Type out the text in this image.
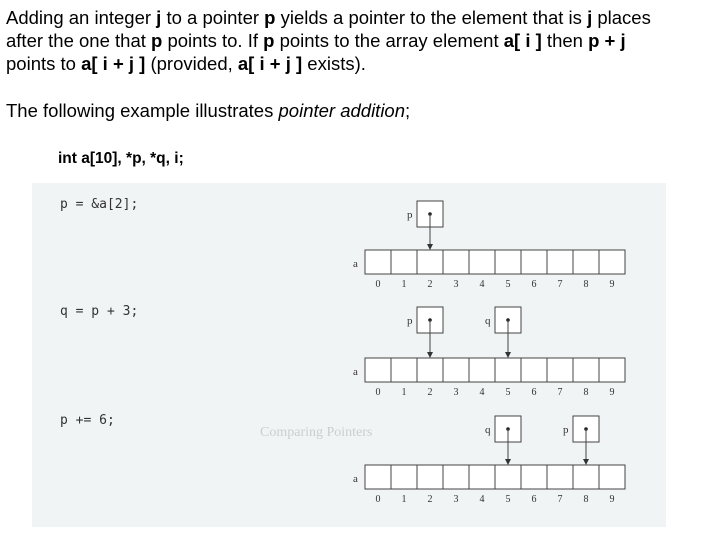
Adding an integer j to a pointer p yields a pointer to the element that is j places
after the one that p points to. If p points to the array element a[ i ] then p + j
points to a[ i + j ] (provided, a[ i + j ] exists).
The following example illustrates pointer addition;
int a[10], *p, *q, i;
Comparing Pointers
p = &a[2];
q = p + 3;
p += 6;
a
0 1 2 3 4 5 6 7 8 9
p
a
0 1 2 3 4 5 6 7 8 9
p	q
a
0 1 2 3 4 5 6 7 8 9
q	p
